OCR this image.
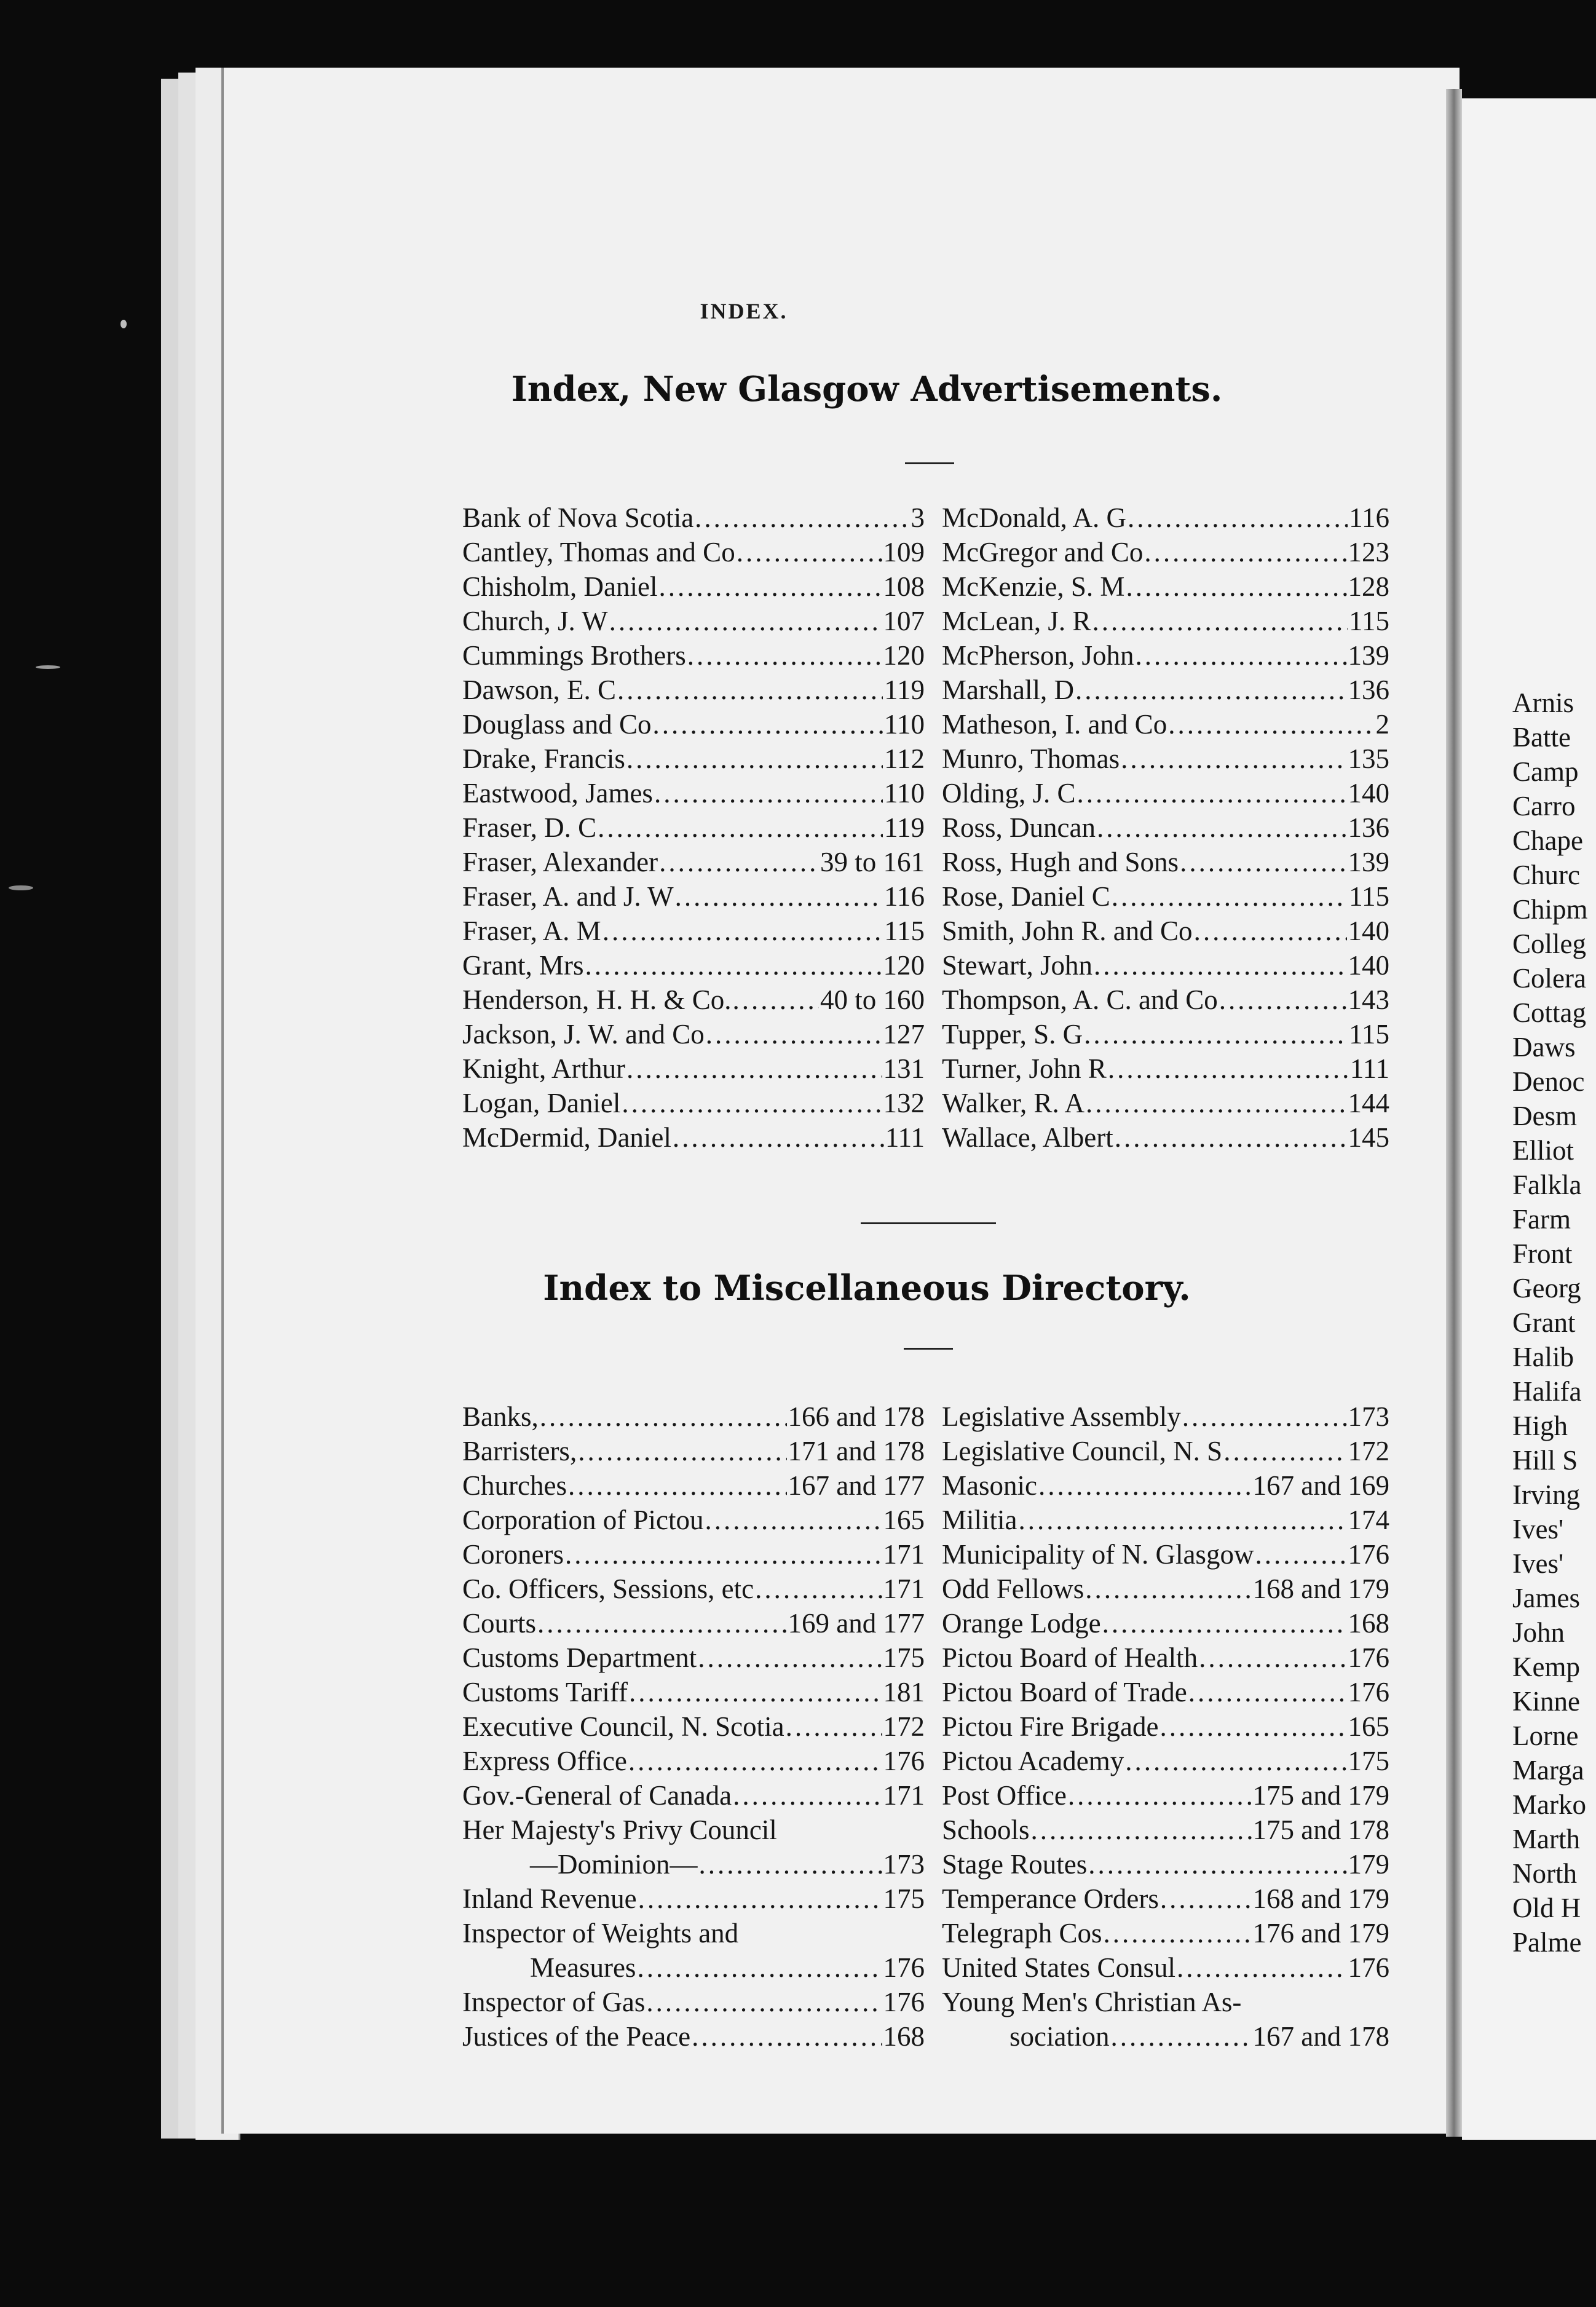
INDEX.
Index, New Glasgow Advertisements.
Bank of Nova Scotia .....	3
Cantley, Thomas and Co .....	109
Chisholm, Daniel .....	108
Church, J. W .....	107
Cummings Brothers .....	120
Dawson, E. C .....	119
Douglass and Co .....	110
Drake, Francis .....	112
Eastwood, James .....	110
Fraser, D. C .....	119
Fraser, Alexander .....	39 to 161
Fraser, A. and J. W .....	116
Fraser, A. M .....	115
Grant, Mrs .....	120
Henderson, H. H. & Co. .....	40 to 160
Jackson, J. W. and Co .....	127
Knight, Arthur .....	131
Logan, Daniel .....	132
McDermid, Daniel .....	111
McDonald, A. G .....	116
McGregor and Co .....	123
McKenzie, S. M .....	128
McLean, J. R .....	115
McPherson, John .....	139
Marshall, D .....	136
Matheson, I. and Co .....	2
Munro, Thomas .....	135
Olding, J. C .....	140
Ross, Duncan .....	136
Ross, Hugh and Sons .....	139
Rose, Daniel C .....	115
Smith, John R. and Co .....	140
Stewart, John .....	140
Thompson, A. C. and Co .....	143
Tupper, S. G .....	115
Turner, John R .....	111
Walker, R. A .....	144
Wallace, Albert .....	145
Index to Miscellaneous Directory.
Banks, .....	166 and 178
Barristers, .....	171 and 178
Churches .....	167 and 177
Corporation of Pictou .....	165
Coroners .....	171
Co. Officers, Sessions, etc .....	171
Courts .....	169 and 177
Customs Department .....	175
Customs Tariff .....	181
Executive Council, N. Scotia .....	172
Express Office .....	176
Gov.-General of Canada .....	171
Her Majesty's Privy Council
—Dominion— .....	173
Inland Revenue .....	175
Inspector of Weights and
Measures .....	176
Inspector of Gas .....	176
Justices of the Peace .....	168
Legislative Assembly .....	173
Legislative Council, N. S .....	172
Masonic .....	167 and 169
Militia .....	174
Municipality of N. Glasgow .....	176
Odd Fellows .....	168 and 179
Orange Lodge .....	168
Pictou Board of Health .....	176
Pictou Board of Trade .....	176
Pictou Fire Brigade .....	165
Pictou Academy .....	175
Post Office .....	175 and 179
Schools .....	175 and 178
Stage Routes .....	179
Temperance Orders .....	168 and 179
Telegraph Cos .....	176 and 179
United States Consul .....	176
Young Men's Christian As-
sociation .....	167 and 178
Arnis
Batte
Camp
Carro
Chape
Churc
Chipm
Colleg
Colera
Cottag
Daws
Denoc
Desm
Elliot
Falkla
Farm
Front
Georg
Grant
Halib
Halifa
High
Hill S
Irving
Ives'
Ives'
James
John
Kemp
Kinne
Lorne
Marga
Marko
Marth
North
Old H
Palme
